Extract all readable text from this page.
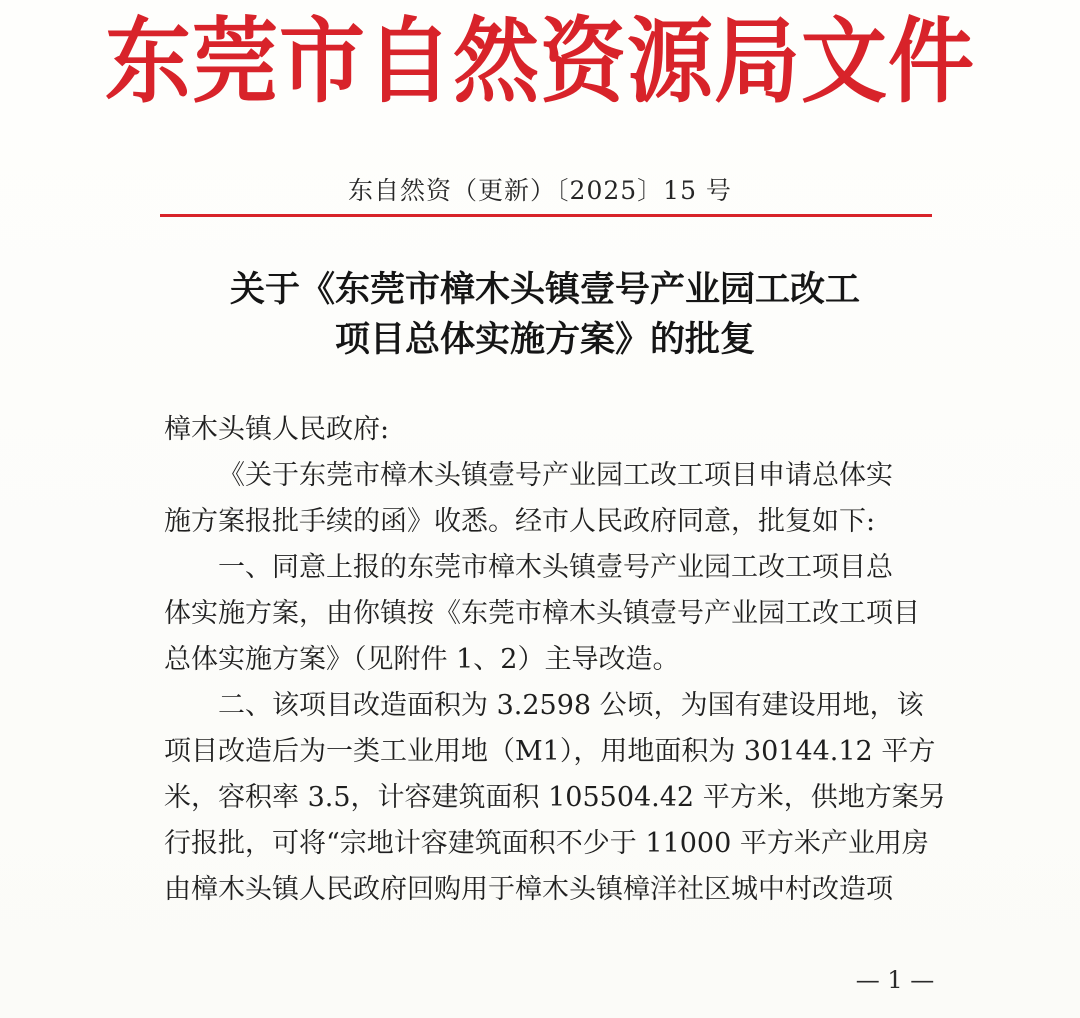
东莞市自然资源局文件
东自然资（更新）〔2025〕15 号
关于《东莞市樟木头镇壹号产业园工改工
项目总体实施方案》的批复
樟木头镇人民政府:
《关于东莞市樟木头镇壹号产业园工改工项目申请总体实
施方案报批手续的函》收悉。经市人民政府同意，批复如下:
一、同意上报的东莞市樟木头镇壹号产业园工改工项目总
体实施方案，由你镇按《东莞市樟木头镇壹号产业园工改工项目
总体实施方案》（见附件 1、2）主导改造。
二、该项目改造面积为 3.2598 公顷，为国有建设用地，该
项目改造后为一类工业用地（M1），用地面积为 30144.12 平方
米，容积率 3.5，计容建筑面积 105504.42 平方米，供地方案另
行报批，可将“宗地计容建筑面积不少于 11000 平方米产业用房
由樟木头镇人民政府回购用于樟木头镇樟洋社区城中村改造项
— 1 —
